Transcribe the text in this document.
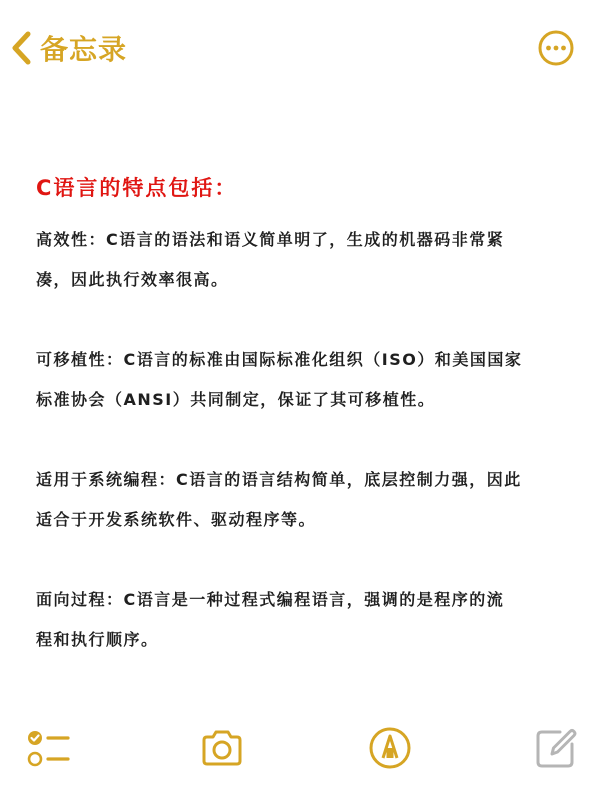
备忘录
C语言的特点包括：

高效性：C语言的语法和语义简单明了，生成的机器码非常紧

凑，因此执行效率很高。

可移植性：C语言的标准由国际标准化组织（ISO）和美国国家

标准协会（ANSI）共同制定，保证了其可移植性。

适用于系统编程：C语言的语言结构简单，底层控制力强，因此

适合于开发系统软件、驱动程序等。

面向过程：C语言是一种过程式编程语言，强调的是程序的流

程和执行顺序。
